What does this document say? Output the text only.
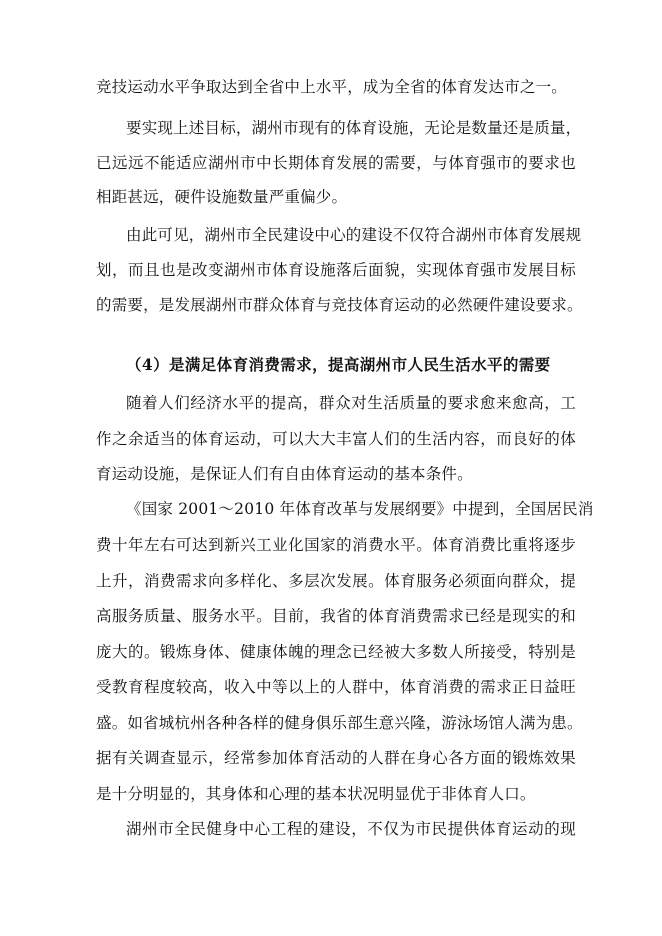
竞技运动水平争取达到全省中上水平，成为全省的体育发达市之一。
要实现上述目标，湖州市现有的体育设施，无论是数量还是质量，
已远远不能适应湖州市中长期体育发展的需要，与体育强市的要求也
相距甚远，硬件设施数量严重偏少。
由此可见，湖州市全民建设中心的建设不仅符合湖州市体育发展规
划，而且也是改变湖州市体育设施落后面貌，实现体育强市发展目标
的需要，是发展湖州市群众体育与竞技体育运动的必然硬件建设要求。
（4）是满足体育消费需求，提高湖州市人民生活水平的需要
随着人们经济水平的提高，群众对生活质量的要求愈来愈高，工
作之余适当的体育运动，可以大大丰富人们的生活内容，而良好的体
育运动设施，是保证人们有自由体育运动的基本条件。
《国家 2001～2010 年体育改革与发展纲要》中提到，全国居民消
费十年左右可达到新兴工业化国家的消费水平。体育消费比重将逐步
上升，消费需求向多样化、多层次发展。体育服务必须面向群众，提
高服务质量、服务水平。目前，我省的体育消费需求已经是现实的和
庞大的。锻炼身体、健康体魄的理念已经被大多数人所接受，特别是
受教育程度较高，收入中等以上的人群中，体育消费的需求正日益旺
盛。如省城杭州各种各样的健身俱乐部生意兴隆，游泳场馆人满为患。
据有关调查显示，经常参加体育活动的人群在身心各方面的锻炼效果
是十分明显的，其身体和心理的基本状况明显优于非体育人口。
湖州市全民健身中心工程的建设，不仅为市民提供体育运动的现
